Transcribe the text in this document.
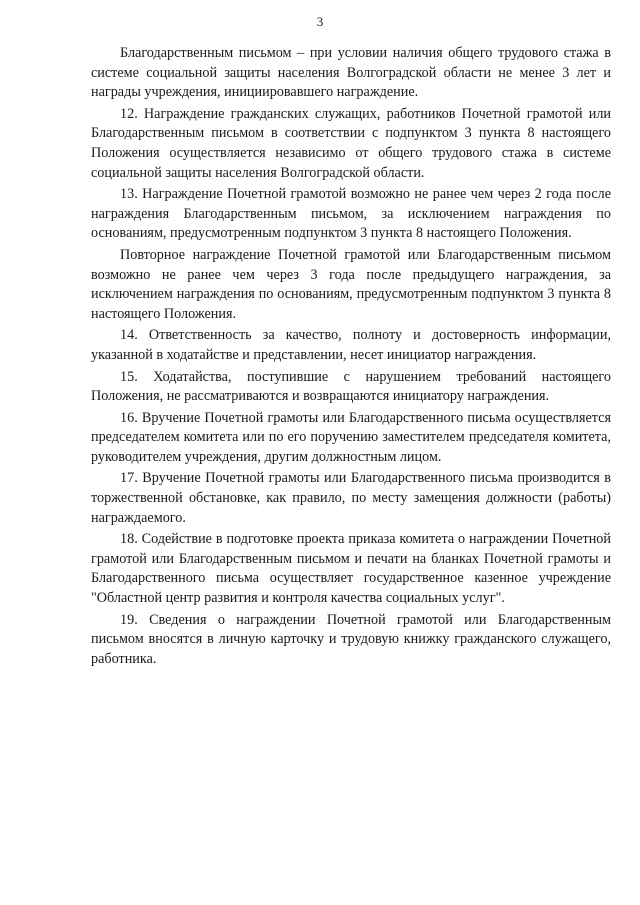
3

Благодарственным письмом – при условии наличия общего трудового стажа в системе социальной защиты населения Волгоградской области не менее 3 лет и награды учреждения, инициировавшего награждение.

12. Награждение гражданских служащих, работников Почетной грамотой или Благодарственным письмом в соответствии с подпунктом 3 пункта 8 настоящего Положения осуществляется независимо от общего трудового стажа в системе социальной защиты населения Волгоградской области.

13. Награждение Почетной грамотой возможно не ранее чем через 2 года после награждения Благодарственным письмом, за исключением награждения по основаниям, предусмотренным подпунктом 3 пункта 8 настоящего Положения.

Повторное награждение Почетной грамотой или Благодарственным письмом возможно не ранее чем через 3 года после предыдущего награждения, за исключением награждения по основаниям, предусмотренным подпунктом 3 пункта 8 настоящего Положения.

14. Ответственность за качество, полноту и достоверность информации, указанной в ходатайстве и представлении, несет инициатор награждения.

15. Ходатайства, поступившие с нарушением требований настоящего Положения, не рассматриваются и возвращаются инициатору награждения.

16. Вручение Почетной грамоты или Благодарственного письма осуществляется председателем комитета или по его поручению заместителем председателя комитета, руководителем учреждения, другим должностным лицом.

17. Вручение Почетной грамоты или Благодарственного письма производится в торжественной обстановке, как правило, по месту замещения должности (работы) награждаемого.

18. Содействие в подготовке проекта приказа комитета о награждении Почетной грамотой или Благодарственным письмом и печати на бланках Почетной грамоты и Благодарственного письма осуществляет государственное казенное учреждение "Областной центр развития и контроля качества социальных услуг".

19. Сведения о награждении Почетной грамотой или Благодарственным письмом вносятся в личную карточку и трудовую книжку гражданского служащего, работника.
